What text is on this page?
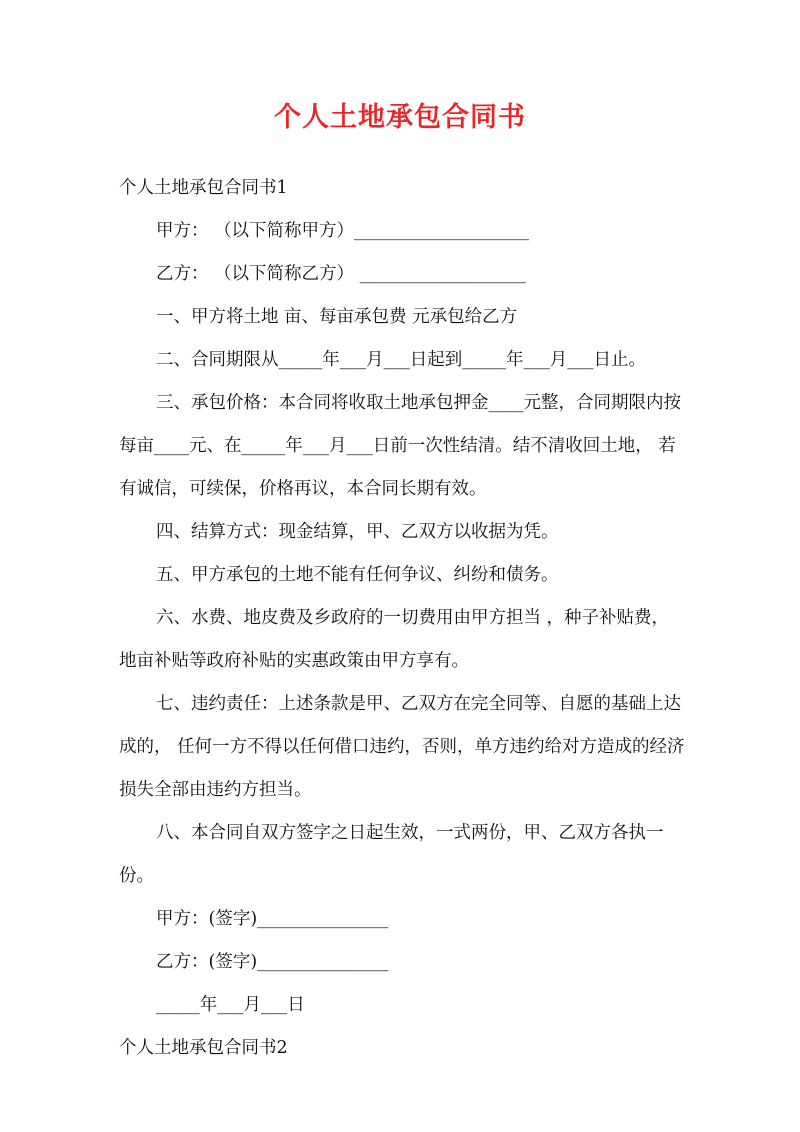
个人土地承包合同书

个人土地承包合同书1

甲方： （以下简称甲方）____________________

乙方： （以下简称乙方） ___________________

一、甲方将土地 亩、每亩承包费 元承包给乙方

二、合同期限从_____年___月___日起到_____年___月___日止。

三、承包价格：本合同将收取土地承包押金____元整，合同期限内按每亩____元、在_____年___月___日前一次性结清。结不清收回土地， 若有诚信，可续保，价格再议，本合同长期有效。

四、结算方式：现金结算，甲、乙双方以收据为凭。

五、甲方承包的土地不能有任何争议、纠纷和债务。

六、水费、地皮费及乡政府的一切费用由甲方担当 ，种子补贴费，地亩补贴等政府补贴的实惠政策由甲方享有。

七、违约责任：上述条款是甲、乙双方在完全同等、自愿的基础上达成的， 任何一方不得以任何借口违约，否则，单方违约给对方造成的经济损失全部由违约方担当。

八、本合同自双方签字之日起生效，一式两份，甲、乙双方各执一份。

甲方：(签字)_______________

乙方：(签字)_______________

_____年___月___日

个人土地承包合同书2
